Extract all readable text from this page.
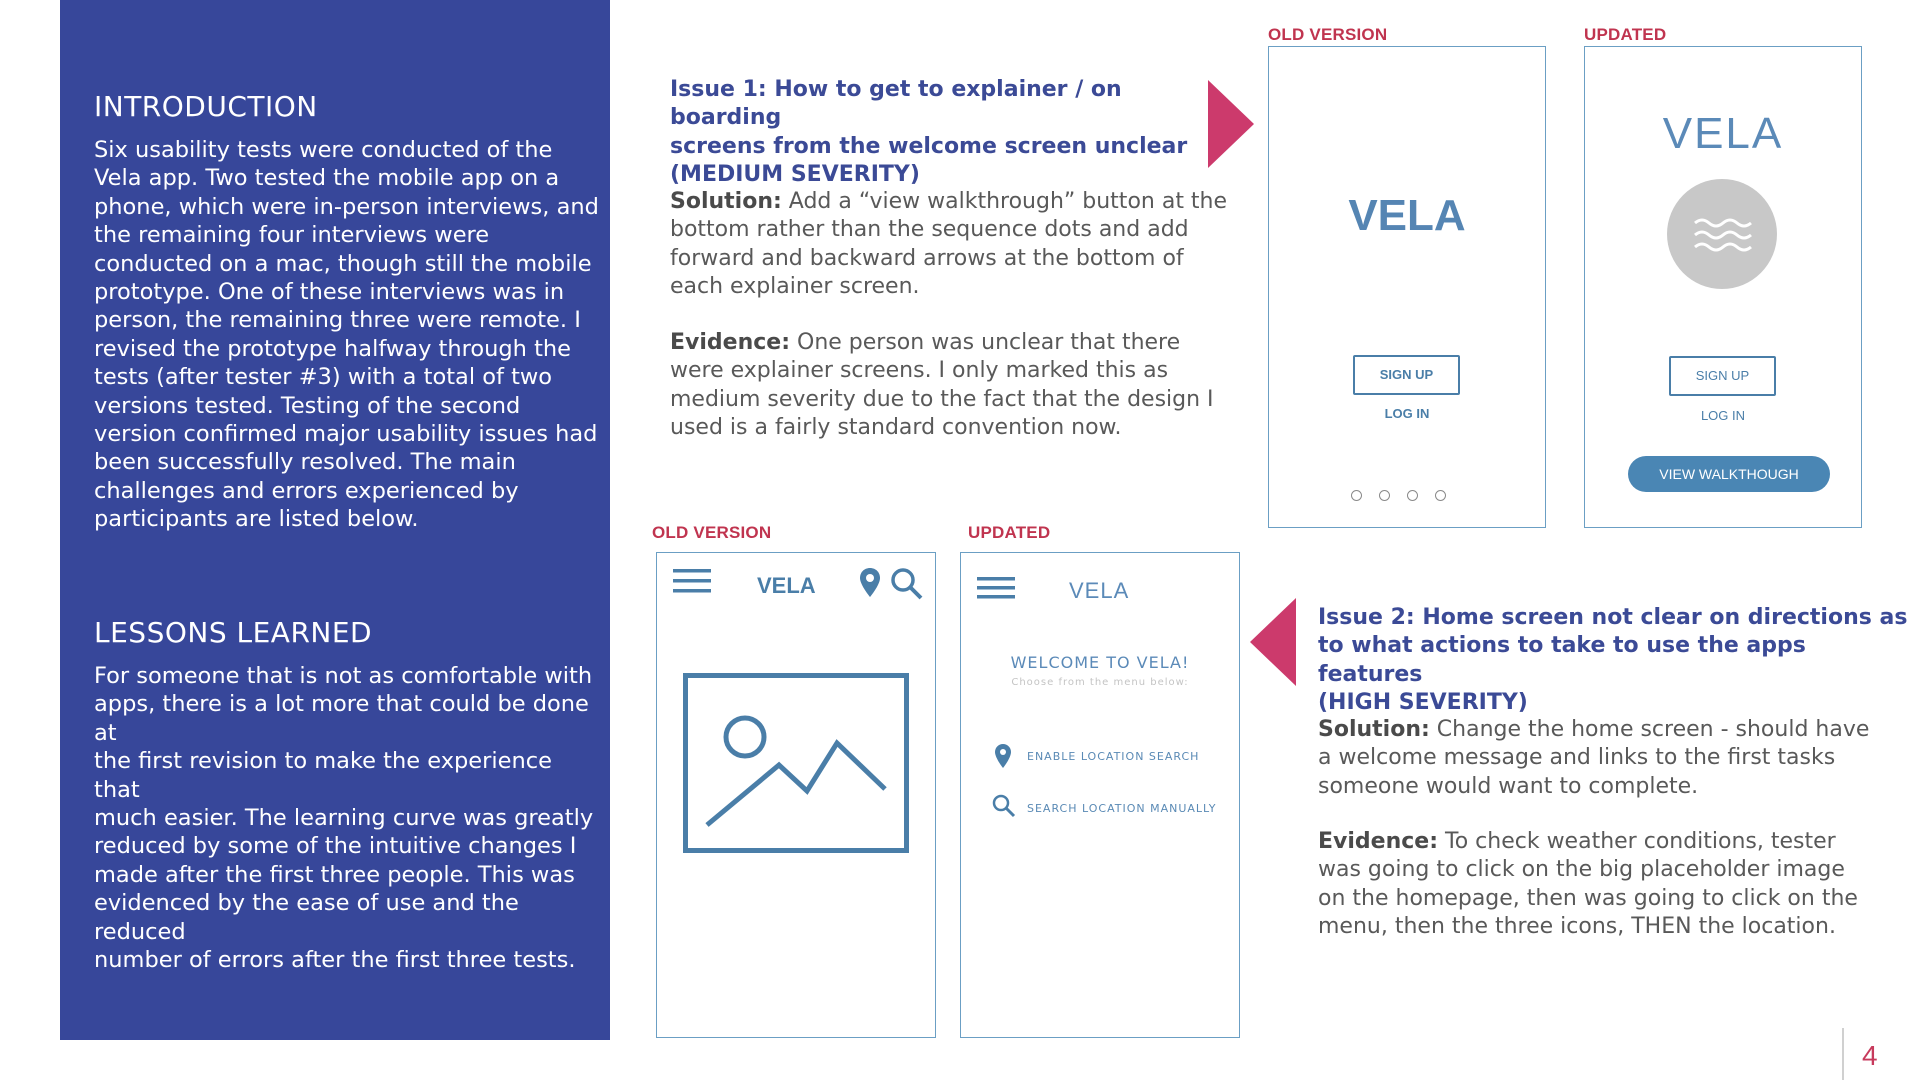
INTRODUCTION
Six usability tests were conducted of the
Vela app. Two tested the mobile app on a
phone, which were in-person interviews, and
the remaining four interviews were
conducted on a mac, though still the mobile
prototype. One of these interviews was in
person, the remaining three were remote. I
revised the prototype halfway through the
tests (after tester #3) with a total of two
versions tested. Testing of the second
version confirmed major usability issues had
been successfully resolved. The main
challenges and errors experienced by
participants are listed below.
LESSONS LEARNED
For someone that is not as comfortable with
apps, there is a lot more that could be done at
the first revision to make the experience that
much easier. The learning curve was greatly
reduced by some of the intuitive changes I
made after the first three people. This was
evidenced by the ease of use and the reduced
number of errors after the first three tests.
Issue 1: How to get to explainer / on boarding
screens from the welcome screen unclear
(MEDIUM SEVERITY)
Solution: Add a “view walkthrough” button at the
bottom rather than the sequence dots and add
forward and backward arrows at the bottom of
each explainer screen.
Evidence: One person was unclear that there
were explainer screens. I only marked this as
medium severity due to the fact that the design I
used is a fairly standard convention now.
OLD VERSION	UPDATED
VELA
SIGN UP
LOG IN
VELA
SIGN UP
LOG IN
VIEW WALKTHOUGH
OLD VERSION	UPDATED
VELA	VELA
WELCOME TO VELA!
Choose from the menu below:
ENABLE LOCATION SEARCH
SEARCH LOCATION MANUALLY
Issue 2: Home screen not clear on directions as
to what actions to take to use the apps features
(HIGH SEVERITY)
Solution: Change the home screen - should have
a welcome message and links to the first tasks
someone would want to complete.
Evidence: To check weather conditions, tester
was going to click on the big placeholder image
on the homepage, then was going to click on the
menu, then the three icons, THEN the location.
4
